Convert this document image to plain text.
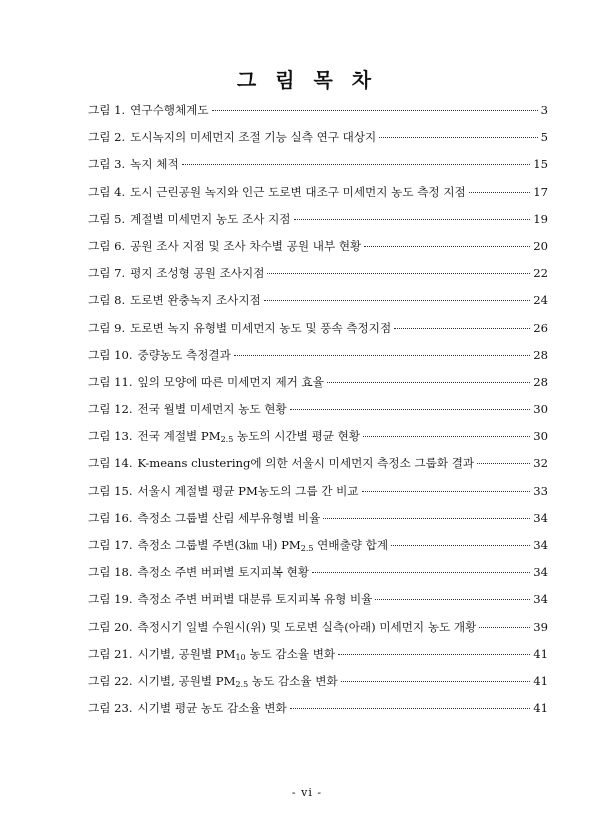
그 림 목 차
그림 1. 연구수행체계도	3
그림 2. 도시녹지의 미세먼지 조절 기능 실측 연구 대상지	5
그림 3. 녹지 체적	15
그림 4. 도시 근린공원 녹지와 인근 도로변 대조구 미세먼지 농도 측정 지점	17
그림 5. 계절별 미세먼지 농도 조사 지점	19
그림 6. 공원 조사 지점 및 조사 차수별 공원 내부 현황	20
그림 7. 평지 조성형 공원 조사지점	22
그림 8. 도로변 완충녹지 조사지점	24
그림 9. 도로변 녹지 유형별 미세먼지 농도 및 풍속 측정지점	26
그림 10. 중량농도 측정결과	28
그림 11. 잎의 모양에 따른 미세먼지 제거 효율	28
그림 12. 전국 월별 미세먼지 농도 현황	30
그림 13. 전국 계절별 $PM_{2.5}$ 농도의 시간별 평균 현황	30
그림 14. K-means clustering에 의한 서울시 미세먼지 측정소 그룹화 결과	32
그림 15. 서울시 계절별 평균 PM농도의 그룹 간 비교	33
그림 16. 측정소 그룹별 산림 세부유형별 비율	34
그림 17. 측정소 그룹별 주변(3㎞ 내) $PM_{2.5}$ 연배출량 합계	34
그림 18. 측정소 주변 버퍼별 토지피복 현황	34
그림 19. 측정소 주변 버퍼별 대분류 토지피복 유형 비율	34
그림 20. 측정시기 일별 수원시(위) 및 도로변 실측(아래) 미세먼지 농도 개황	39
그림 21. 시기별, 공원별 $PM_{10}$ 농도 감소율 변화	41
그림 22. 시기별, 공원별 $PM_{2.5}$ 농도 감소율 변화	41
그림 23. 시기별 평균 농도 감소율 변화	41
- vi -
